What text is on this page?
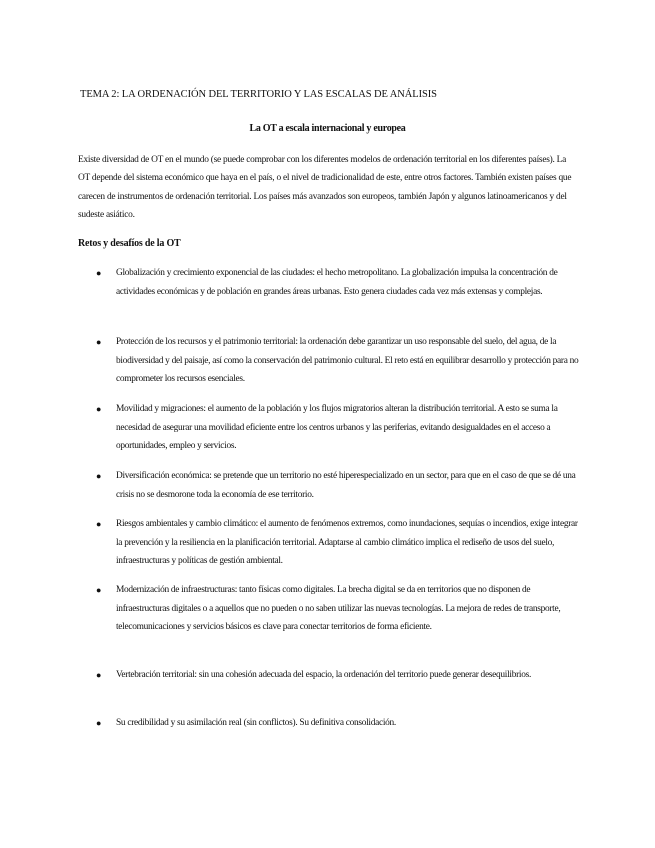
TEMA 2: LA ORDENACIÓN DEL TERRITORIO Y LAS ESCALAS DE ANÁLISIS
La OT a escala internacional y europea

Existe diversidad de OT en el mundo (se puede comprobar con los diferentes modelos de ordenación territorial en los diferentes países). La OT depende del sistema económico que haya en el país, o el nivel de tradicionalidad de este, entre otros factores. También existen países que carecen de instrumentos de ordenación territorial. Los países más avanzados son europeos, también Japón y algunos latinoamericanos y del sudeste asiático.

Retos y desafíos de la OT
● Globalización y crecimiento exponencial de las ciudades: el hecho metropolitano. La globalización impulsa la concentración de actividades económicas y de población en grandes áreas urbanas. Esto genera ciudades cada vez más extensas y complejas.
● Protección de los recursos y el patrimonio territorial: la ordenación debe garantizar un uso responsable del suelo, del agua, de la biodiversidad y del paisaje, así como la conservación del patrimonio cultural. El reto está en equilibrar desarrollo y protección para no comprometer los recursos esenciales.
● Movilidad y migraciones: el aumento de la población y los flujos migratorios alteran la distribución territorial. A esto se suma la necesidad de asegurar una movilidad eficiente entre los centros urbanos y las periferias, evitando desigualdades en el acceso a oportunidades, empleo y servicios.
● Diversificación económica: se pretende que un territorio no esté hiperespecializado en un sector, para que en el caso de que se dé una crisis no se desmorone toda la economía de ese territorio.
● Riesgos ambientales y cambio climático: el aumento de fenómenos extremos, como inundaciones, sequías o incendios, exige integrar la prevención y la resiliencia en la planificación territorial. Adaptarse al cambio climático implica el rediseño de usos del suelo, infraestructuras y políticas de gestión ambiental.
● Modernización de infraestructuras: tanto físicas como digitales. La brecha digital se da en territorios que no disponen de infraestructuras digitales o a aquellos que no pueden o no saben utilizar las nuevas tecnologías. La mejora de redes de transporte, telecomunicaciones y servicios básicos es clave para conectar territorios de forma eficiente.
● Vertebración territorial: sin una cohesión adecuada del espacio, la ordenación del territorio puede generar desequilibrios.
● Su credibilidad y su asimilación real (sin conflictos). Su definitiva consolidación.
